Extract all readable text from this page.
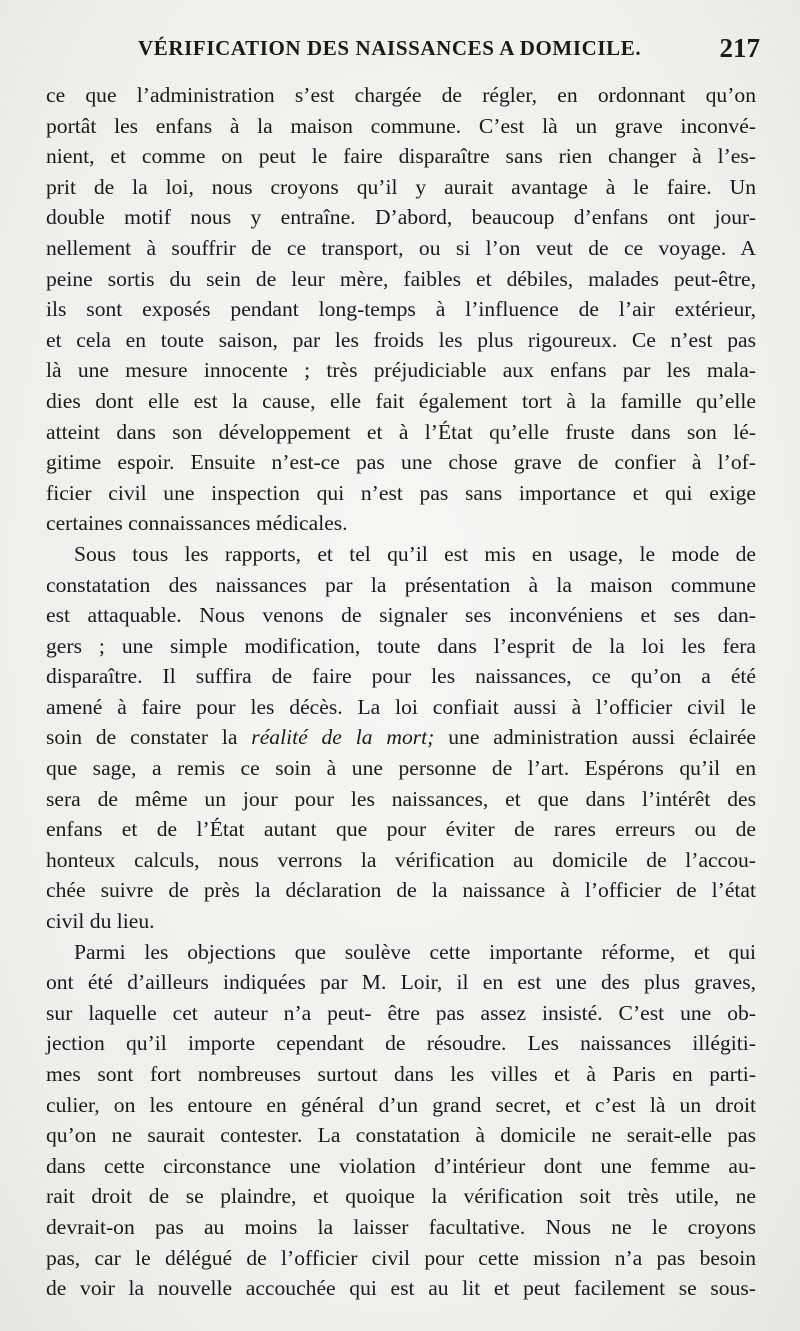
VÉRIFICATION DES NAISSANCES A DOMICILE.	217
ce que l’administration s’est chargée de régler, en ordonnant qu’on
portât les enfans à la maison commune. C’est là un grave inconvé-
nient, et comme on peut le faire disparaître sans rien changer à l’es-
prit de la loi, nous croyons qu’il y aurait avantage à le faire. Un
double motif nous y entraîne. D’abord, beaucoup d’enfans ont jour-
nellement à souffrir de ce transport, ou si l’on veut de ce voyage. A
peine sortis du sein de leur mère, faibles et débiles, malades peut-être,
ils sont exposés pendant long-temps à l’influence de l’air extérieur,
et cela en toute saison, par les froids les plus rigoureux. Ce n’est pas
là une mesure innocente ; très préjudiciable aux enfans par les mala-
dies dont elle est la cause, elle fait également tort à la famille qu’elle
atteint dans son développement et à l’État qu’elle fruste dans son lé-
gitime espoir. Ensuite n’est-ce pas une chose grave de confier à l’of-
ficier civil une inspection qui n’est pas sans importance et qui exige
certaines connaissances médicales.
Sous tous les rapports, et tel qu’il est mis en usage, le mode de
constatation des naissances par la présentation à la maison commune
est attaquable. Nous venons de signaler ses inconvéniens et ses dan-
gers ; une simple modification, toute dans l’esprit de la loi les fera
disparaître. Il suffira de faire pour les naissances, ce qu’on a été
amené à faire pour les décès. La loi confiait aussi à l’officier civil le
soin de constater la réalité de la mort; une administration aussi éclairée
que sage, a remis ce soin à une personne de l’art. Espérons qu’il en
sera de même un jour pour les naissances, et que dans l’intérêt des
enfans et de l’État autant que pour éviter de rares erreurs ou de
honteux calculs, nous verrons la vérification au domicile de l’accou-
chée suivre de près la déclaration de la naissance à l’officier de l’état
civil du lieu.
Parmi les objections que soulève cette importante réforme, et qui
ont été d’ailleurs indiquées par M. Loir, il en est une des plus graves,
sur laquelle cet auteur n’a peut- être pas assez insisté. C’est une ob-
jection qu’il importe cependant de résoudre. Les naissances illégiti-
mes sont fort nombreuses surtout dans les villes et à Paris en parti-
culier, on les entoure en général d’un grand secret, et c’est là un droit
qu’on ne saurait contester. La constatation à domicile ne serait-elle pas
dans cette circonstance une violation d’intérieur dont une femme au-
rait droit de se plaindre, et quoique la vérification soit très utile, ne
devrait-on pas au moins la laisser facultative. Nous ne le croyons
pas, car le délégué de l’officier civil pour cette mission n’a pas besoin
de voir la nouvelle accouchée qui est au lit et peut facilement se sous-
